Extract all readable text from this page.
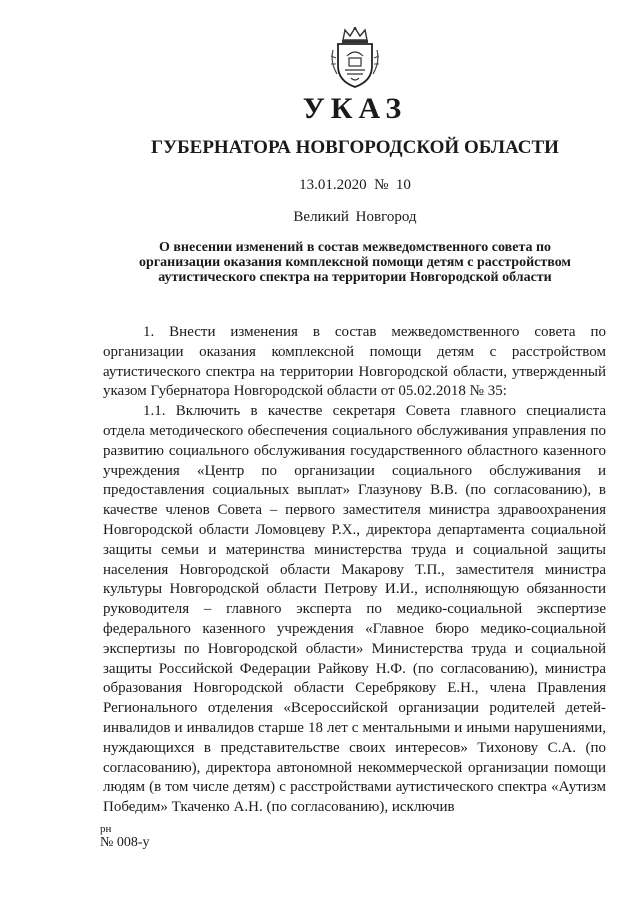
УКАЗ
ГУБЕРНАТОРА НОВГОРОДСКОЙ ОБЛАСТИ
13.01.2020 № 10
Великий Новгород
О внесении изменений в состав межведомственного совета по
организации оказания комплексной помощи детям с расстройством
аутистического спектра на территории Новгородской области

1. Внести изменения в состав межведомственного совета по организации оказания комплексной помощи детям с расстройством аутистического спектра на территории Новгородской области, утвержденный указом Губернатора Новгородской области от 05.02.2018 № 35:

1.1. Включить в качестве секретаря Совета главного специалиста отдела методического обеспечения социального обслуживания управления по развитию социального обслуживания государственного областного казенного учреждения «Центр по организации социального обслуживания и предоставления социальных выплат» Глазунову В.В. (по согласованию), в качестве членов Совета – первого заместителя министра здравоохранения Новгородской области Ломовцеву Р.Х., директора департамента социальной защиты семьи и материнства министерства труда и социальной защиты населения Новгородской области Макарову Т.П., заместителя министра культуры Новгородской области Петрову И.И., исполняющую обязанности руководителя – главного эксперта по медико-социальной экспертизе федерального казенного учреждения «Главное бюро медико-социальной экспертизы по Новгородской области» Министерства труда и социальной защиты Российской Федерации Райкову Н.Ф. (по согласованию), министра образования Новгородской области Серебрякову Е.Н., члена Правления Регионального отделения «Всероссийской организации родителей детей-инвалидов и инвалидов старше 18 лет с ментальными и иными нарушениями, нуждающихся в представительстве своих интересов» Тихонову С.А. (по согласованию), директора автономной некоммерческой организации помощи людям (в том числе детям) с расстройствами аутистического спектра «Аутизм Победим» Ткаченко А.Н. (по согласованию), исключив

рн
№ 008-у
